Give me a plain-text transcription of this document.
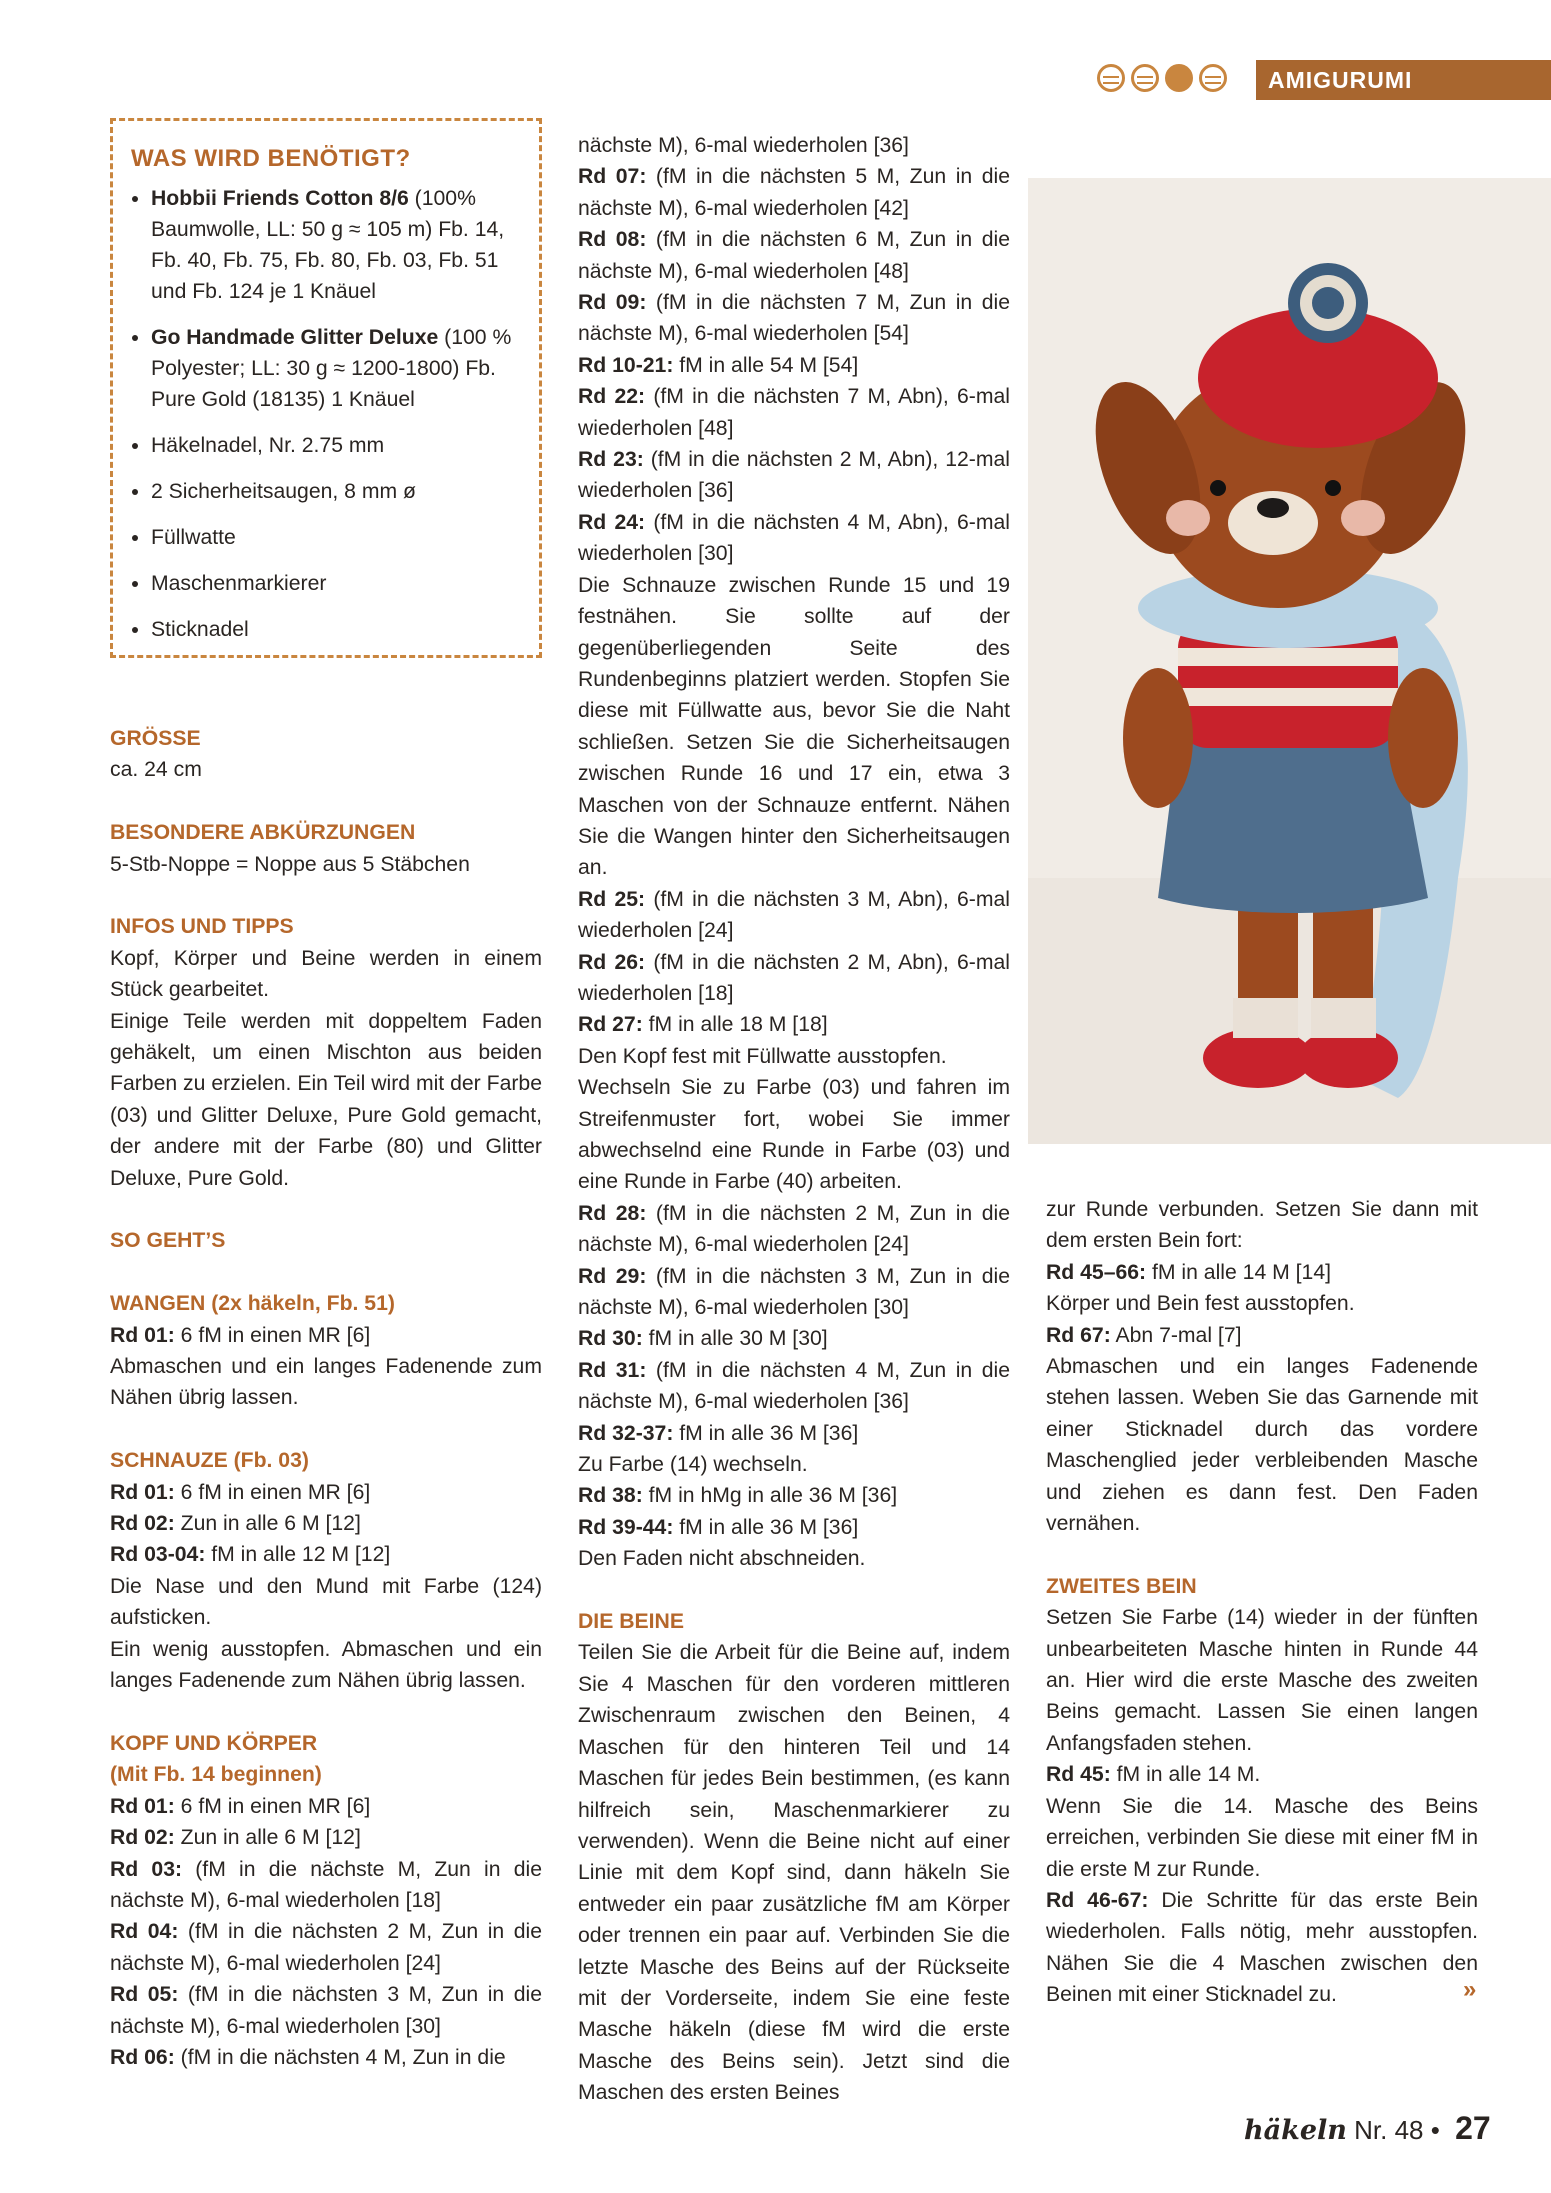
AMIGURUMI
WAS WIRD BENÖTIGT?
• Hobbii Friends Cotton 8/6 (100% Baumwolle, LL: 50 g ≈ 105 m) Fb. 14, Fb. 40, Fb. 75, Fb. 80, Fb. 03, Fb. 51 und Fb. 124 je 1 Knäuel
• Go Handmade Glitter Deluxe (100 % Polyester; LL: 30 g ≈ 1200-1800) Fb. Pure Gold (18135) 1 Knäuel
• Häkelnadel, Nr. 2.75 mm
• 2 Sicherheitsaugen, 8 mm ø
• Füllwatte
• Maschenmarkierer
• Sticknadel

GRÖSSE

ca. 24 cm

BESONDERE ABKÜRZUNGEN

5-Stb-Noppe = Noppe aus 5 Stäbchen

INFOS UND TIPPS

Kopf, Körper und Beine werden in einem Stück gearbeitet.

Einige Teile werden mit doppeltem Faden gehäkelt, um einen Mischton aus beiden Farben zu erzielen. Ein Teil wird mit der Farbe (03) und Glitter Deluxe, Pure Gold gemacht, der andere mit der Farbe (80) und Glitter Deluxe, Pure Gold.

SO GEHT’S

WANGEN (2x häkeln, Fb. 51)

Rd 01: 6 fM in einen MR [6]

Abmaschen und ein langes Fadenende zum Nähen übrig lassen.

SCHNAUZE (Fb. 03)

Rd 01: 6 fM in einen MR [6]

Rd 02: Zun in alle 6 M [12]

Rd 03-04: fM in alle 12 M [12]

Die Nase und den Mund mit Farbe (124) aufsticken.

Ein wenig ausstopfen. Abmaschen und ein langes Fadenende zum Nähen übrig lassen.

KOPF UND KÖRPER

(Mit Fb. 14 beginnen)

Rd 01: 6 fM in einen MR [6]

Rd 02: Zun in alle 6 M [12]

Rd 03: (fM in die nächste M, Zun in die nächste M), 6-mal wiederholen [18]

Rd 04: (fM in die nächsten 2 M, Zun in die nächste M), 6-mal wiederholen [24]

Rd 05: (fM in die nächsten 3 M, Zun in die nächste M), 6-mal wiederholen [30]

Rd 06: (fM in die nächsten 4 M, Zun in die

nächste M), 6-mal wiederholen [36]

Rd 07: (fM in die nächsten 5 M, Zun in die nächste M), 6-mal wiederholen [42]

Rd 08: (fM in die nächsten 6 M, Zun in die nächste M), 6-mal wiederholen [48]

Rd 09: (fM in die nächsten 7 M, Zun in die nächste M), 6-mal wiederholen [54]

Rd 10-21: fM in alle 54 M [54]

Rd 22: (fM in die nächsten 7 M, Abn), 6-mal wiederholen [48]

Rd 23: (fM in die nächsten 2 M, Abn), 12-mal wiederholen [36]

Rd 24: (fM in die nächsten 4 M, Abn), 6-mal wiederholen [30]

Die Schnauze zwischen Runde 15 und 19 festnähen. Sie sollte auf der gegenüberliegenden Seite des Rundenbeginns platziert werden. Stopfen Sie diese mit Füllwatte aus, bevor Sie die Naht schließen. Setzen Sie die Sicherheitsaugen zwischen Runde 16 und 17 ein, etwa 3 Maschen von der Schnauze entfernt. Nähen Sie die Wangen hinter den Sicherheitsaugen an.

Rd 25: (fM in die nächsten 3 M, Abn), 6-mal wiederholen [24]

Rd 26: (fM in die nächsten 2 M, Abn), 6-mal wiederholen [18]

Rd 27: fM in alle 18 M [18]

Den Kopf fest mit Füllwatte ausstopfen.

Wechseln Sie zu Farbe (03) und fahren im Streifenmuster fort, wobei Sie immer abwechselnd eine Runde in Farbe (03) und eine Runde in Farbe (40) arbeiten.

Rd 28: (fM in die nächsten 2 M, Zun in die nächste M), 6-mal wiederholen [24]

Rd 29: (fM in die nächsten 3 M, Zun in die nächste M), 6-mal wiederholen [30]

Rd 30: fM in alle 30 M [30]

Rd 31: (fM in die nächsten 4 M, Zun in die nächste M), 6-mal wiederholen [36]

Rd 32-37: fM in alle 36 M [36]

Zu Farbe (14) wechseln.

Rd 38: fM in hMg in alle 36 M [36]

Rd 39-44: fM in alle 36 M [36]

Den Faden nicht abschneiden.

DIE BEINE

Teilen Sie die Arbeit für die Beine auf, indem Sie 4 Maschen für den vorderen mittleren Zwischenraum zwischen den Beinen, 4 Maschen für den hinteren Teil und 14 Maschen für jedes Bein bestimmen, (es kann hilfreich sein, Maschenmarkierer zu verwenden). Wenn die Beine nicht auf einer Linie mit dem Kopf sind, dann häkeln Sie entweder ein paar zusätzliche fM am Körper oder trennen ein paar auf. Verbinden Sie die letzte Masche des Beins auf der Rückseite mit der Vorderseite, indem Sie eine feste Masche häkeln (diese fM wird die erste Masche des Beins sein). Jetzt sind die Maschen des ersten Beines

zur Runde verbunden. Setzen Sie dann mit dem ersten Bein fort:

Rd 45–66: fM in alle 14 M [14]

Körper und Bein fest ausstopfen.

Rd 67: Abn 7-mal [7]

Abmaschen und ein langes Fadenende stehen lassen. Weben Sie das Garnende mit einer Sticknadel durch das vordere Maschenglied jeder verbleibenden Masche und ziehen es dann fest. Den Faden vernähen.

ZWEITES BEIN

Setzen Sie Farbe (14) wieder in der fünften unbearbeiteten Masche hinten in Runde 44 an. Hier wird die erste Masche des zweiten Beins gemacht. Lassen Sie einen langen Anfangsfaden stehen.

Rd 45: fM in alle 14 M.

Wenn Sie die 14. Masche des Beins erreichen, verbinden Sie diese mit einer fM in die erste M zur Runde.

Rd 46-67: Die Schritte für das erste Bein wiederholen. Falls nötig, mehr ausstopfen. Nähen Sie die 4 Maschen zwischen den Beinen mit einer Sticknadel zu.	»
häkeln Nr. 48 • 27
